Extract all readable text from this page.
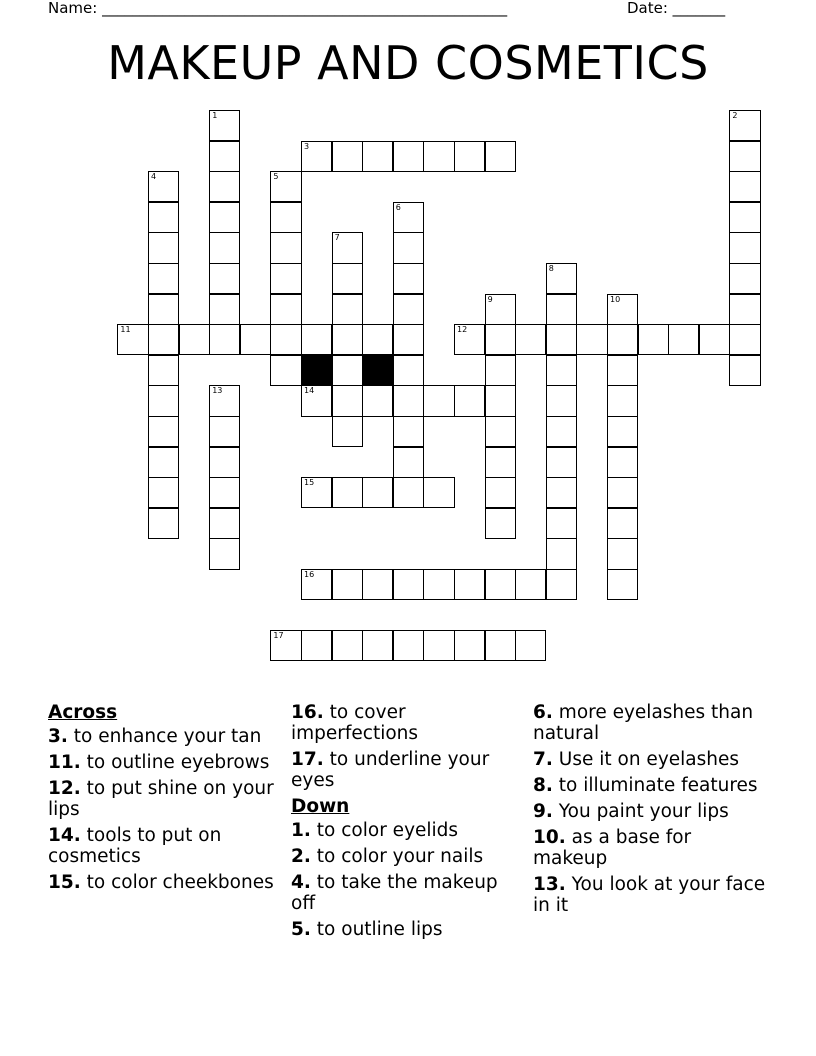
Name: ______________________________________________________	Date: _______
MAKEUP AND COSMETICS
1	2
3
4	5
6
7
8
9	10
11	12
13	14
15
16
17
Across
3. to enhance your tan
11. to outline eyebrows
12. to put shine on your lips
14. tools to put on cosmetics
15. to color cheekbones
16. to cover imperfections
17. to underline your eyes
Down
1. to color eyelids
2. to color your nails
4. to take the makeup off
5. to outline lips
6. more eyelashes than natural
7. Use it on eyelashes
8. to illuminate features
9. You paint your lips
10. as a base for makeup
13. You look at your face in it
